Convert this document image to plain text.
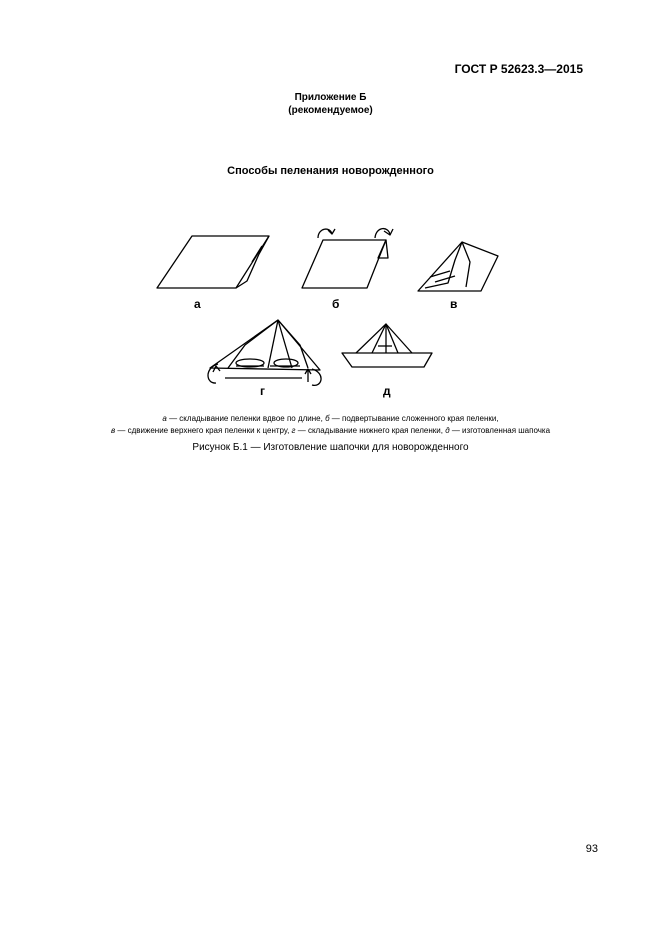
ГОСТ Р 52623.3—2015
Приложение Б
(рекомендуемое)
Способы пеленания новорожденного
а	б	в
г	д
а — складывание пеленки вдвое по длине, б — подвертывание сложенного края пеленки,
в — сдвижение верхнего края пеленки к центру, г — складывание нижнего края пеленки, д — изготовленная шапочка
Рисунок Б.1 — Изготовление шапочки для новорожденного
93
